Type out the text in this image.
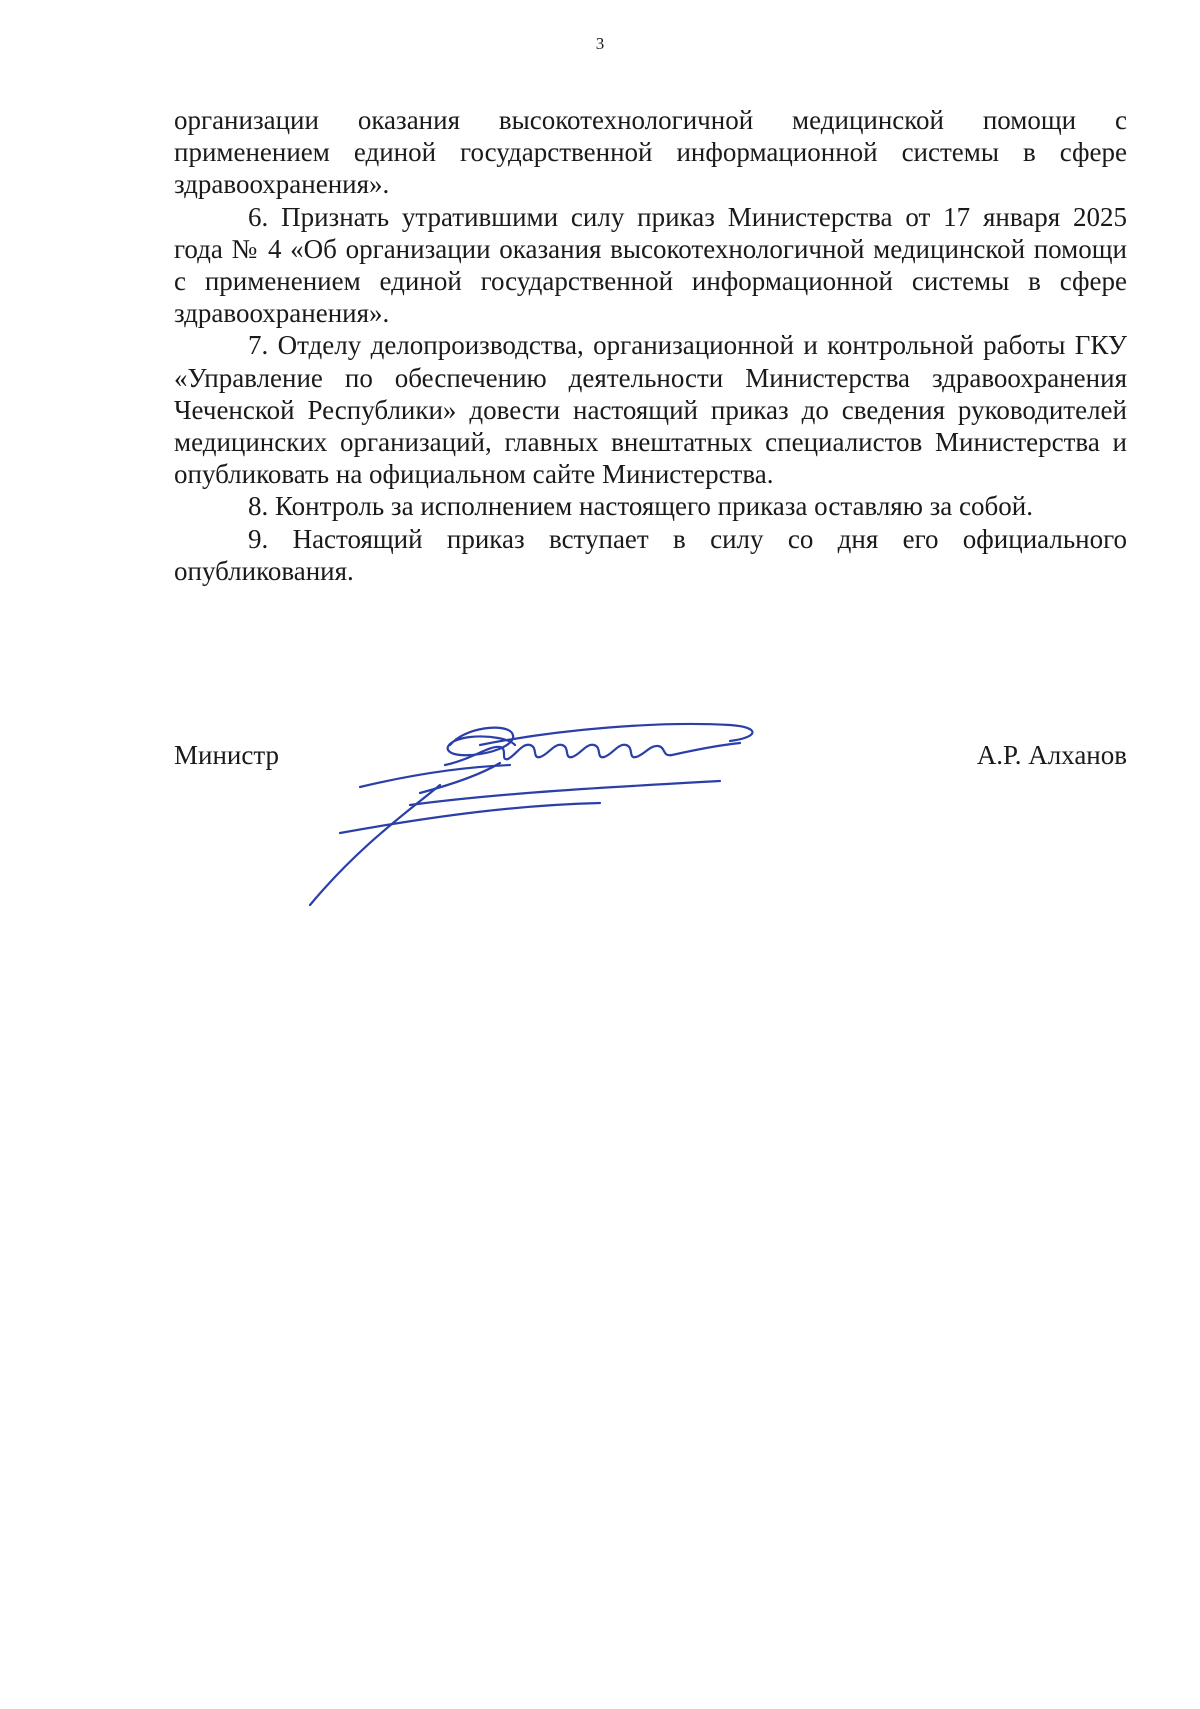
3

организации оказания высокотехнологичной медицинской помощи с применением единой государственной информационной системы в сфере здравоохранения».

6. Признать утратившими силу приказ Министерства от 17 января 2025 года № 4 «Об организации оказания высокотехнологичной медицинской помощи с применением единой государственной информационной системы в сфере здравоохранения».

7. Отделу делопроизводства, организационной и контрольной работы ГКУ «Управление по обеспечению деятельности Министерства здравоохранения Чеченской Республики» довести настоящий приказ до сведения руководителей медицинских организаций, главных внештатных специалистов Министерства и опубликовать на официальном сайте Министерства.

8. Контроль за исполнением настоящего приказа оставляю за собой.

9. Настоящий приказ вступает в силу со дня его официального опубликования.

Министр	А.Р. Алханов
